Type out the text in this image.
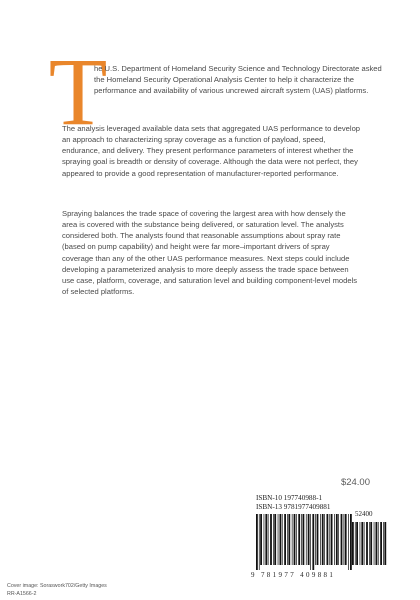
T
he U.S. Department of Homeland Security Science and Technology Directorate asked the Homeland Security Operational Analysis Center to help it characterize the performance and availability of various uncrewed aircraft system (UAS) platforms.
The analysis leveraged available data sets that aggregated UAS performance to develop an approach to characterizing spray coverage as a function of payload, speed, endurance, and delivery. They present performance parameters of interest whether the spraying goal is breadth or density of coverage. Although the data were not perfect, they appeared to provide a good representation of manufacturer-reported performance.
Spraying balances the trade space of covering the largest area with how densely the area is covered with the substance being delivered, or saturation level. The analysts considered both. The analysts found that reasonable assumptions about spray rate (based on pump capability) and height were far more–important drivers of spray coverage than any of the other UAS performance measures. Next steps could include developing a parameterized analysis to more deeply assess the trade space between use case, platform, coverage, and saturation level and building component-level models of selected platforms.
$24.00
ISBN-10 197740988-1
ISBN-13 9781977409881
52400
9 781977 409881
Cover image: Soraswork702/Getty Images
RR-A1566-2
